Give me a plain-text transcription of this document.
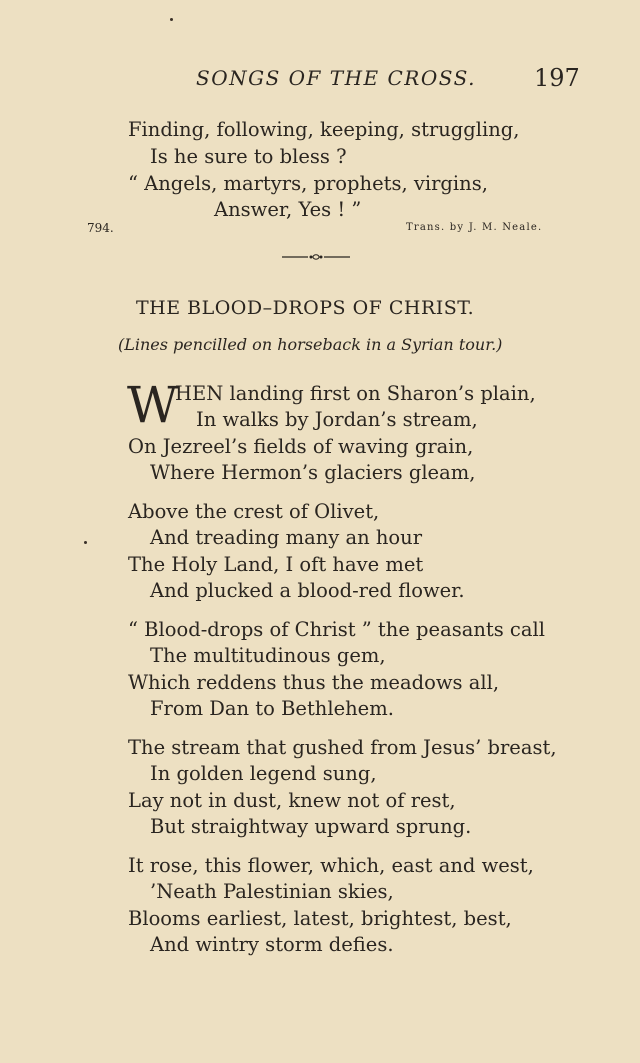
SONGS OF THE CROSS. 197
Finding, following, keeping, struggling,
Is he sure to bless ?
“ Angels, martyrs, prophets, virgins,
Answer, Yes ! ”
794.	Trans. by J. M. Neale.
THE BLOOD–DROPS OF CHRIST.
(Lines pencilled on horseback in a Syrian tour.)
W
HEN landing first on Sharon’s plain,
In walks by Jordan’s stream,
On Jezreel’s fields of waving grain,
Where Hermon’s glaciers gleam,
Above the crest of Olivet,
And treading many an hour
The Holy Land, I oft have met
And plucked a blood-red flower.
“ Blood-drops of Christ ” the peasants call
The multitudinous gem,
Which reddens thus the meadows all,
From Dan to Bethlehem.
The stream that gushed from Jesus’ breast,
In golden legend sung,
Lay not in dust, knew not of rest,
But straightway upward sprung.
It rose, this flower, which, east and west,
’Neath Palestinian skies,
Blooms earliest, latest, brightest, best,
And wintry storm defies.
